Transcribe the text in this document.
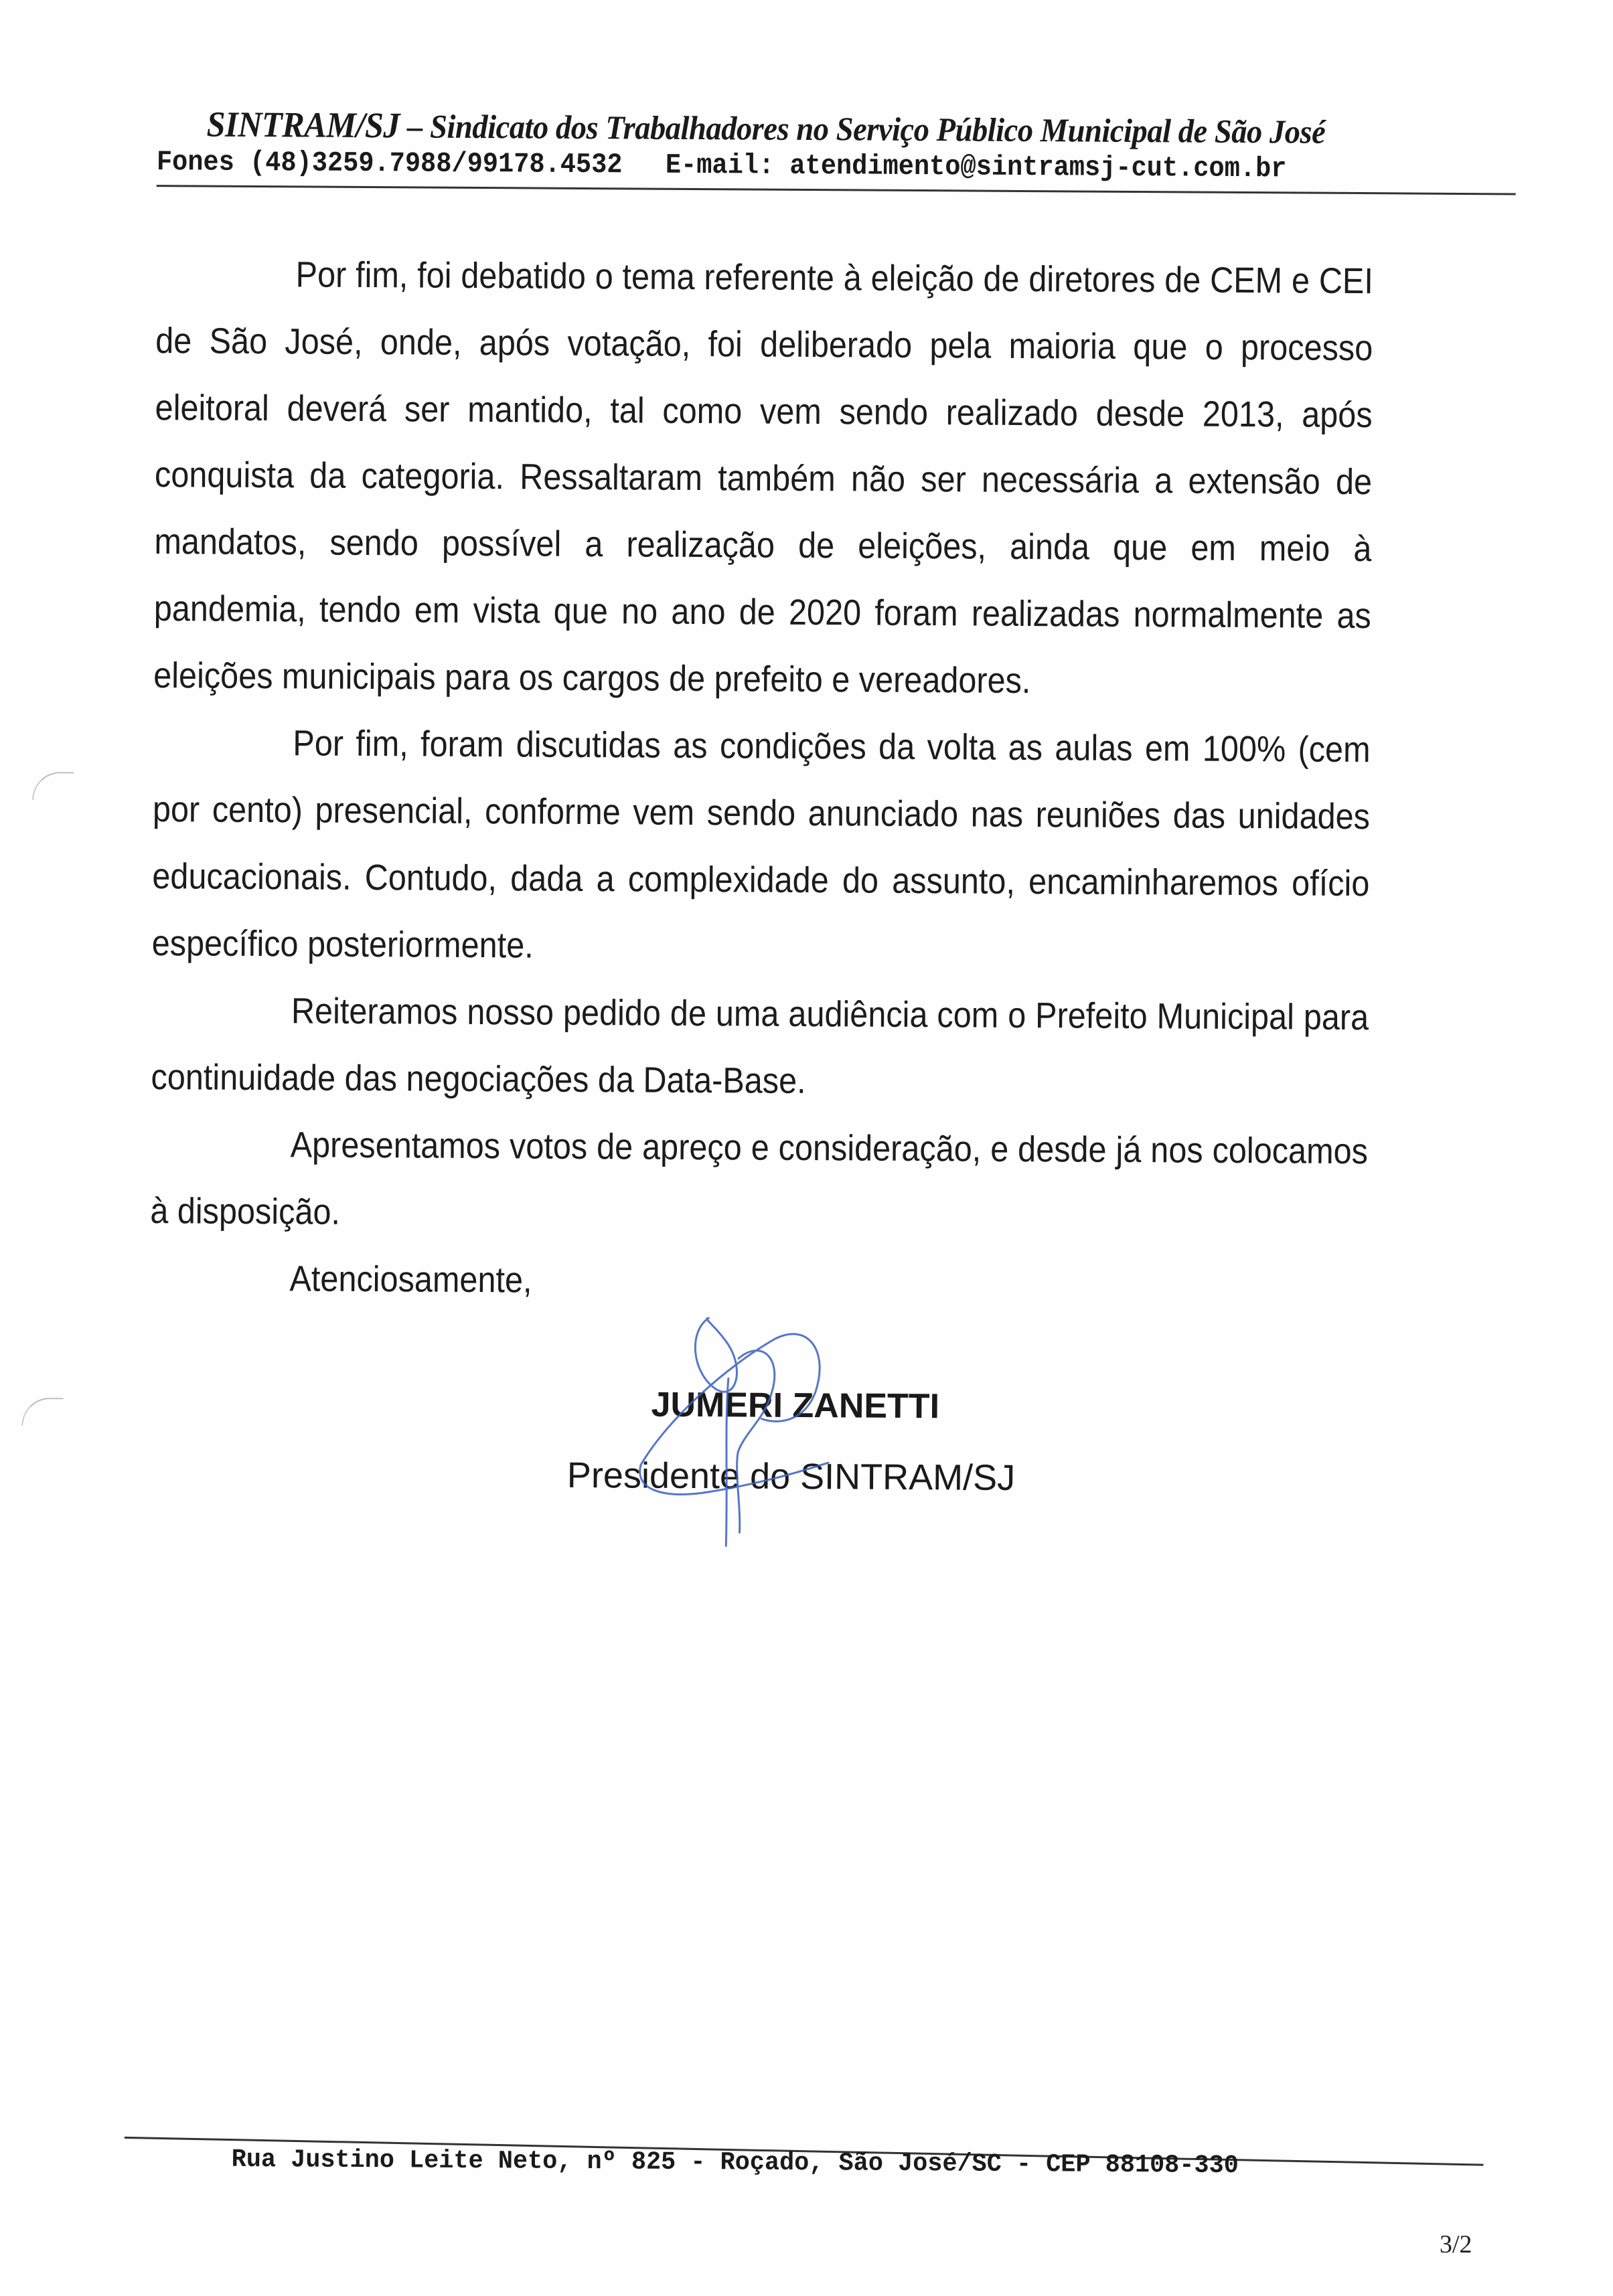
SINTRAM/SJ – Sindicato dos Trabalhadores no Serviço Público Municipal de São José
Fones (48)3259.7988/99178.4532 E-mail: atendimento@sintramsj-cut.com.br

Por fim, foi debatido o tema referente à eleição de diretores de CEM e CEI de São José, onde, após votação, foi deliberado pela maioria que o processo eleitoral deverá ser mantido, tal como vem sendo realizado desde 2013, após conquista da categoria. Ressaltaram também não ser necessária a extensão de mandatos, sendo possível a realização de eleições, ainda que em meio à pandemia, tendo em vista que no ano de 2020 foram realizadas normalmente as eleições municipais para os cargos de prefeito e vereadores.

Por fim, foram discutidas as condições da volta as aulas em 100% (cem por cento) presencial, conforme vem sendo anunciado nas reuniões das unidades educacionais. Contudo, dada a complexidade do assunto, encaminharemos ofício específico posteriormente.

Reiteramos nosso pedido de uma audiência com o Prefeito Municipal para continuidade das negociações da Data-Base.

Apresentamos votos de apreço e consideração, e desde já nos colocamos à disposição.

Atenciosamente,

JUMERI ZANETTI
Presidente do SINTRAM/SJ
Rua Justino Leite Neto, nº 825 - Roçado, São José/SC - CEP 88108-330
3/2
